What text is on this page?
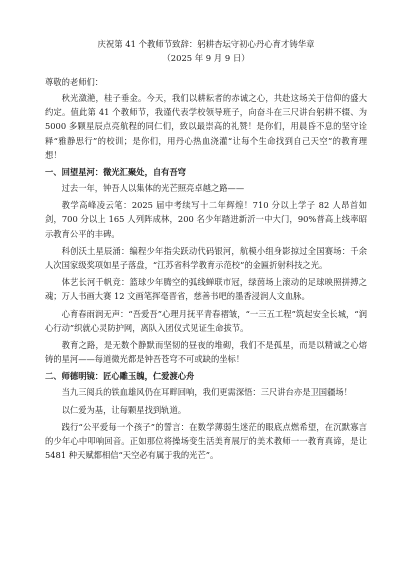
庆祝第 41 个教师节致辞：躬耕杏坛守初心丹心育才铸华章
（2025 年 9 月 9 日）
尊敬的老师们：
秋光潋滟，桂子垂金。今天，我们以耕耘者的赤诚之心，共赴这场关于信仰的盛大约定。值此第 41 个教师节，我谨代表学校领导班子，向奋斗在三尺讲台躬耕不辍、为 5000 多颗星辰点亮航程的同仁们，致以最崇高的礼赞！是你们，用晨昏不息的坚守诠释“雅静思行”的校训；是你们，用丹心热血浇灌“让每个生命找到自己天空”的教育理想！
一、回望星河：微光汇聚处，自有吾穹
过去一年，钟吾人以集体的光芒照亮卓越之路——
教学高峰凌云笔：2025 届中考续写十二年辉煌！710 分以上学子 82 人昂首如剑，700 分以上 165 人列阵成林，200 名少年踏进新沂一中大门，90%普高上线率昭示教育公平的丰碑。
科创沃土星辰涌：编程少年指尖跃动代码银河，航模小组身影掠过全国赛场：千余人次国家级奖项如星子落盘，“江苏省科学教育示范校”的金匾折射科技之光。
体艺长河千帆竞：篮球少年腾空的弧线蝉联市冠，绿茵场上滚动的足球映照拼搏之魂；万人书画大赛 12 文画笔挥毫晋省，慈善书吧的墨香浸润人文血脉。
心育春雨润无声：“吾爱吾”心理月抚平青春褶皱，“一三五工程”筑起安全长城，“润心行动”织就心灵防护网，离队入团仪式见证生命拔节。
教育之路，是无数个静默而坚韧的昼夜的堆砌，我们不是孤星，而是以精诚之心熔铸的星河——每道微光都是钟吾苍穹不可或缺的坐标！
二、师德明镜：匠心雕玉魄，仁爱渡心舟
当九三阅兵的铁血雄风仍在耳畔回响，我们更需深悟：三尺讲台亦是卫国疆场！
以仁爱为基，让每颗星找到轨道。
践行“公平爱每一个孩子”的誓言：在数学薄弱生迷茫的眼底点燃希望，在沉默寡言的少年心中叩响回音。正如那位将操场变生活美育展厅的美术教师一一教育真谛，是让 5481 种天赋都相信“天空必有属于我的光芒”。
